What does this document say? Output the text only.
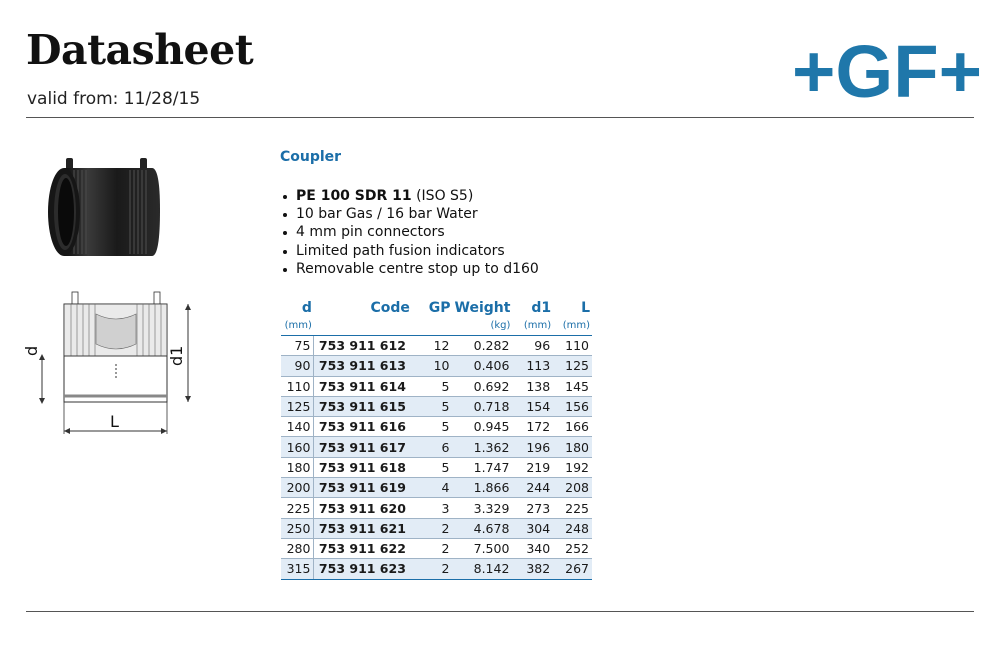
Datasheet
valid from: 11/28/15	+GF+
d	d1
L
Coupler
PE 100 SDR 11 (ISO S5)
10 bar Gas / 16 bar Water
4 mm pin connectors
Limited path fusion indicators
Removable centre stop up to d160
d	Code	GP	Weight	d1	L
(mm)			(kg)	(mm)	(mm)
75	753 911 612	12	0.282	96	110
90	753 911 613	10	0.406	113	125
110	753 911 614	5	0.692	138	145
125	753 911 615	5	0.718	154	156
140	753 911 616	5	0.945	172	166
160	753 911 617	6	1.362	196	180
180	753 911 618	5	1.747	219	192
200	753 911 619	4	1.866	244	208
225	753 911 620	3	3.329	273	225
250	753 911 621	2	4.678	304	248
280	753 911 622	2	7.500	340	252
315	753 911 623	2	8.142	382	267
